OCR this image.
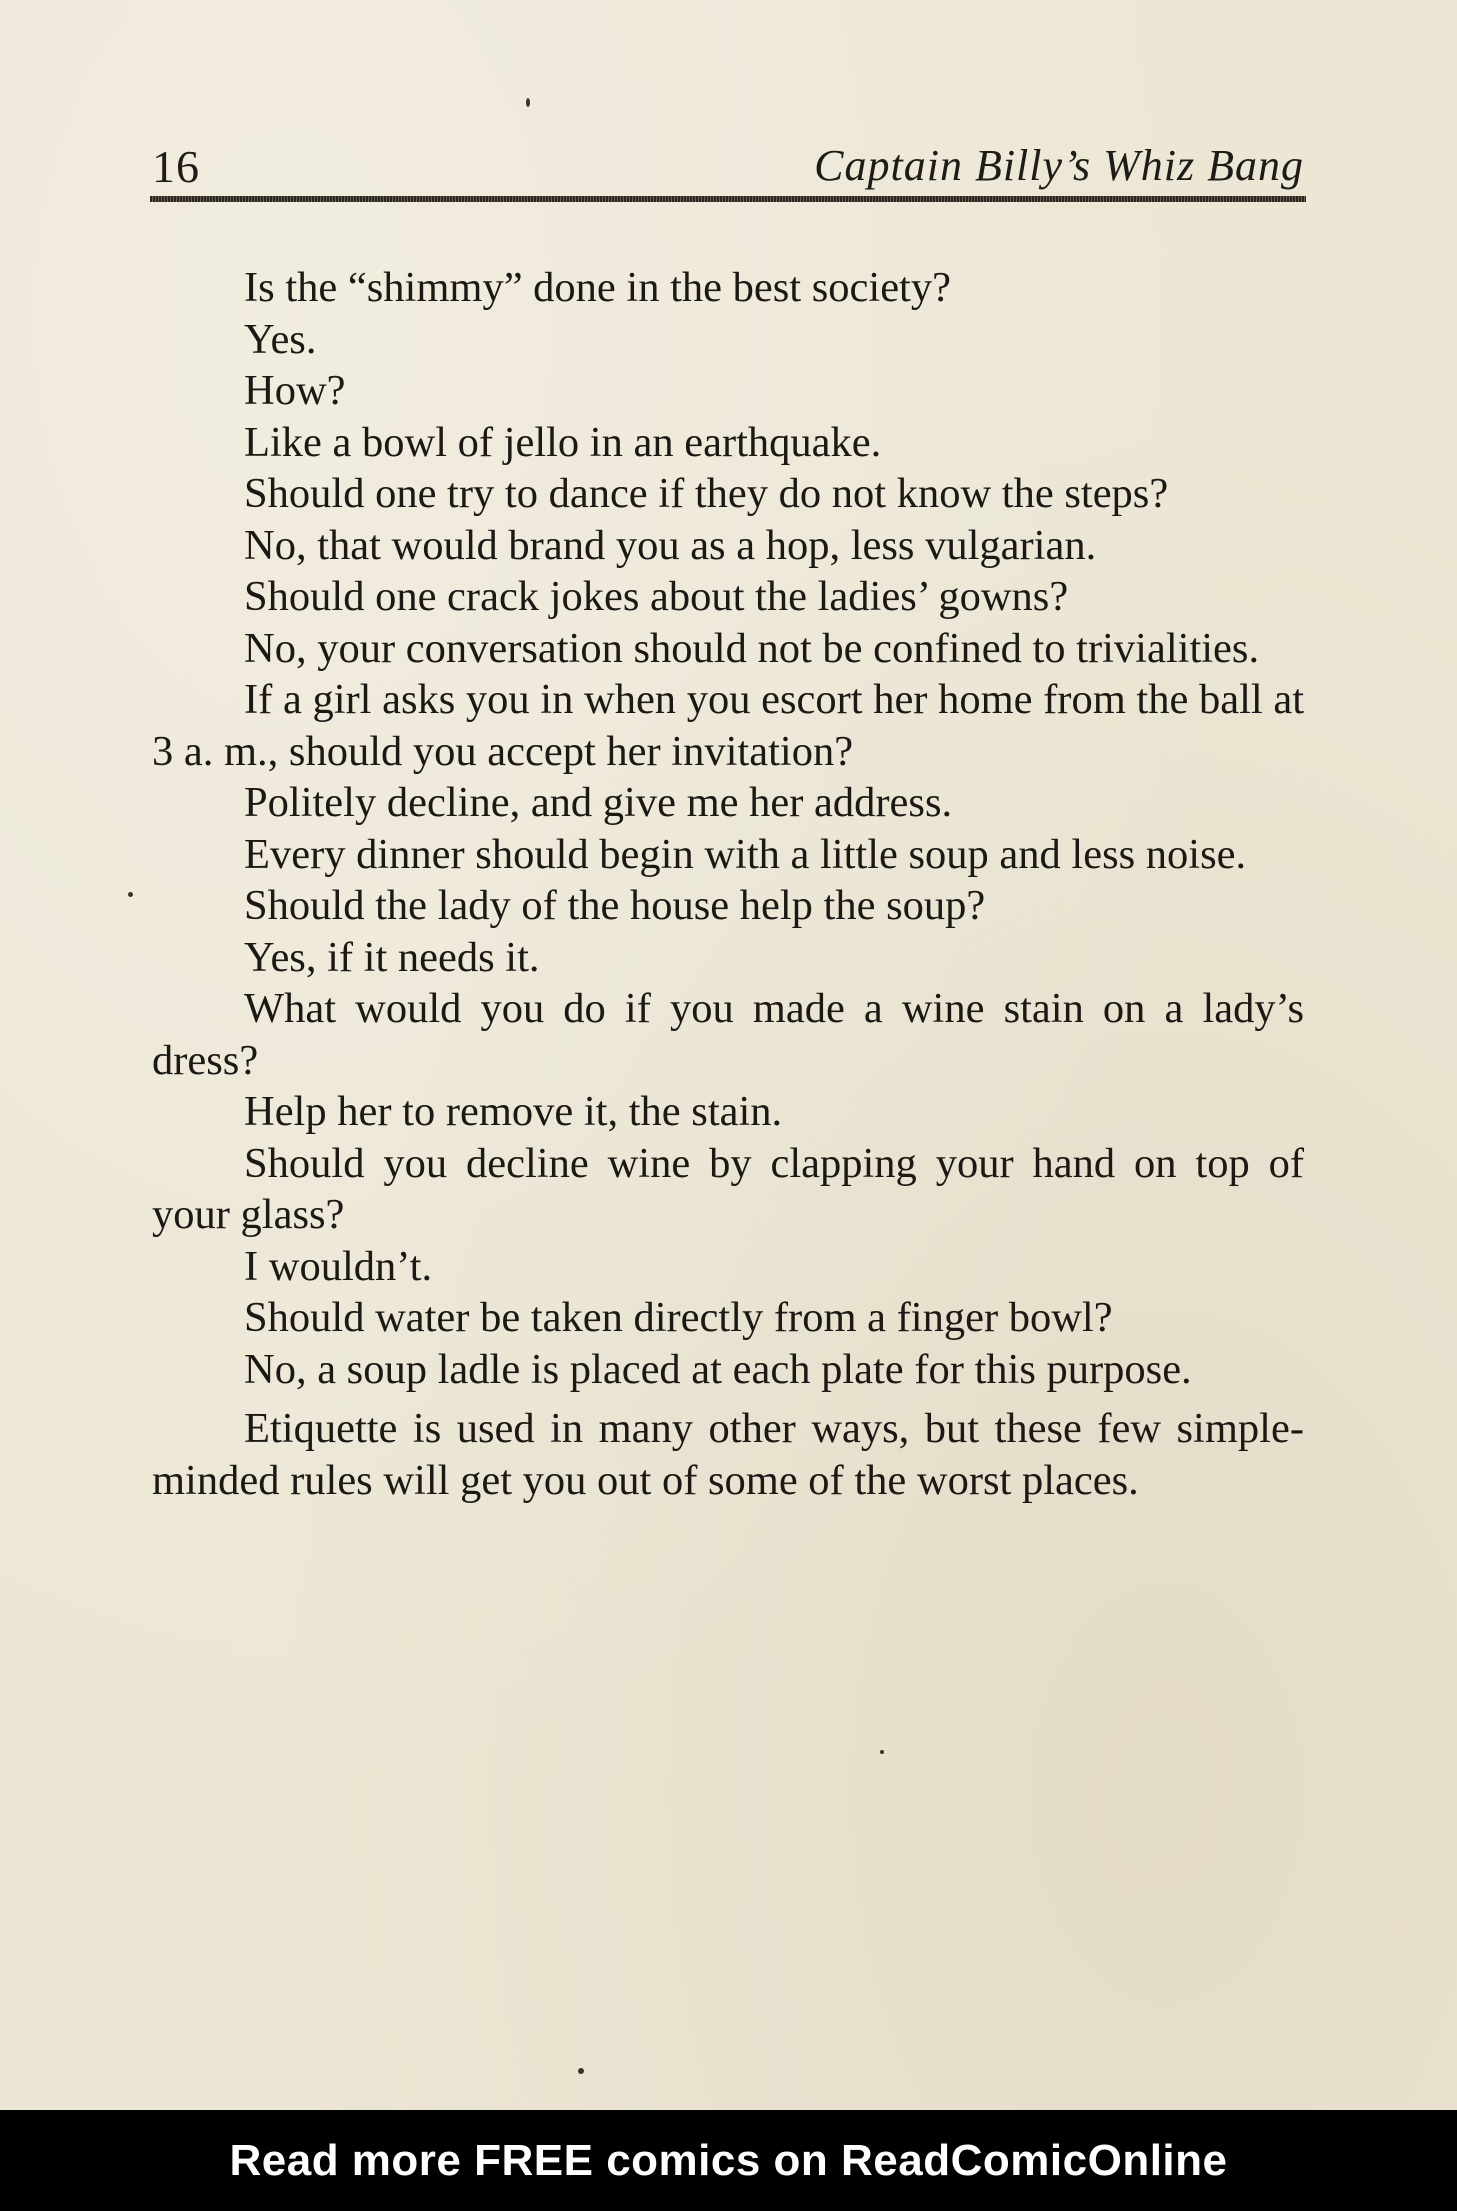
16	Captain Billy’s Whiz Bang

Is the “shimmy” done in the best society?

Yes.

How?

Like a bowl of jello in an earthquake.

Should one try to dance if they do not know the steps?

No, that would brand you as a hop, less vulgarian.

Should one crack jokes about the ladies’ gowns?

No, your conversation should not be confined to trivialities.

If a girl asks you in when you escort her home from the ball at 3 a. m., should you accept her invitation?

Politely decline, and give me her address.

Every dinner should begin with a little soup and less noise.

Should the lady of the house help the soup?

Yes, if it needs it.

What would you do if you made a wine stain on a lady’s dress?

Help her to remove it, the stain.

Should you decline wine by clapping your hand on top of your glass?

I wouldn’t.

Should water be taken directly from a finger bowl?

No, a soup ladle is placed at each plate for this purpose.

Etiquette is used in many other ways, but these few simple-minded rules will get you out of some of the worst places.

Read more FREE comics on ReadComicOnline
